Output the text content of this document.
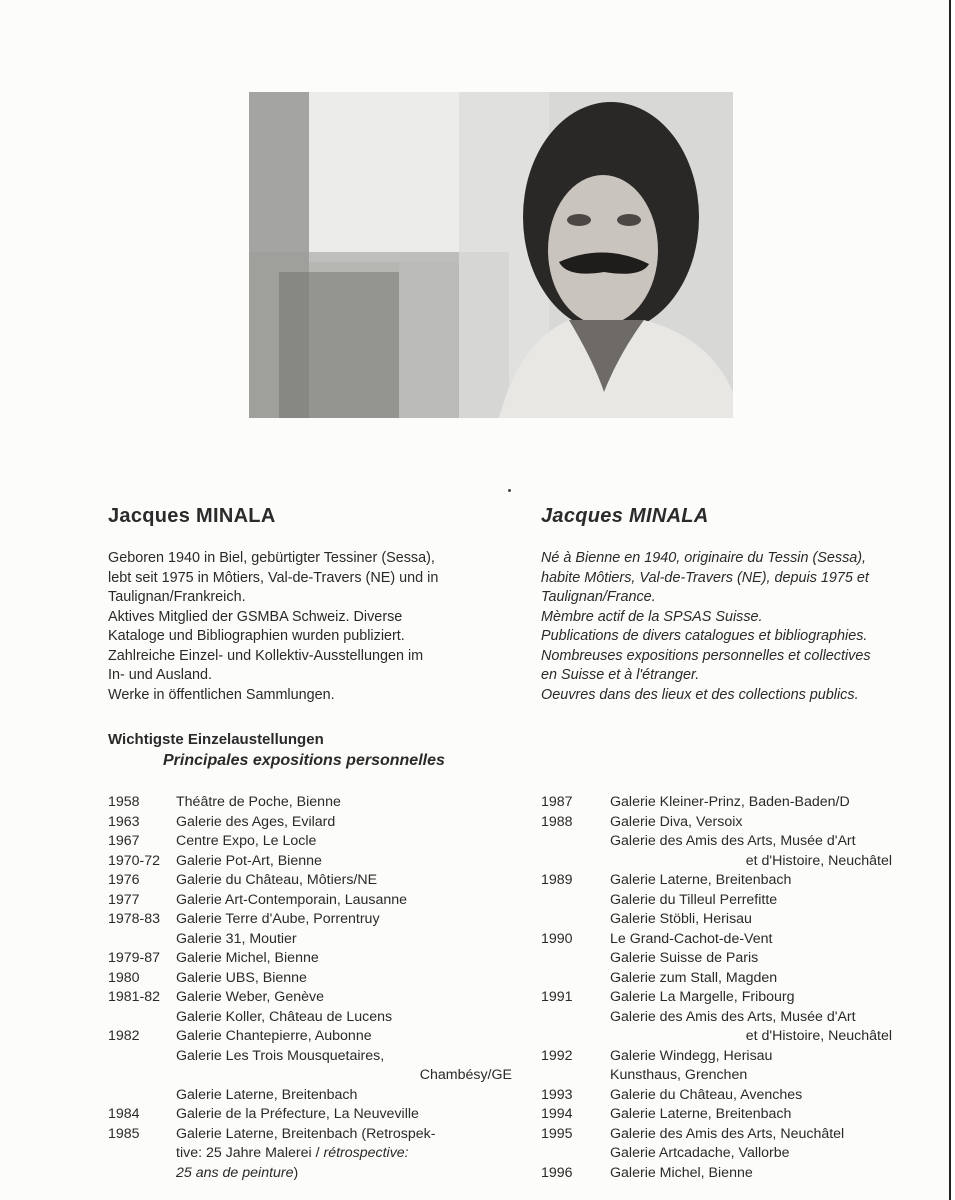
Jacques MINALA	Jacques MINALA
Geboren 1940 in Biel, gebürtigter Tessiner (Sessa),
lebt seit 1975 in Môtiers, Val-de-Travers (NE) und in
Taulignan/Frankreich.
Aktives Mitglied der GSMBA Schweiz. Diverse
Kataloge und Bibliographien wurden publiziert.
Zahlreiche Einzel- und Kollektiv-Ausstellungen im
In- und Ausland.
Werke in öffentlichen Sammlungen.
Né à Bienne en 1940, originaire du Tessin (Sessa),
habite Môtiers, Val-de-Travers (NE), depuis 1975 et
Taulignan/France.
Mèmbre actif de la SPSAS Suisse.
Publications de divers catalogues et bibliographies.
Nombreuses expositions personnelles et collectives
en Suisse et à l'étranger.
Oeuvres dans des lieux et des collections publics.
Wichtigste Einzelaustellungen
Principales expositions personnelles
1958	Théâtre de Poche, Bienne
1963	Galerie des Ages, Evilard
1967	Centre Expo, Le Locle
1970-72 Galerie Pot-Art, Bienne
1976	Galerie du Château, Môtiers/NE
1977	Galerie Art-Contemporain, Lausanne
1978-83 Galerie Terre d'Aube, Porrentruy
Galerie 31, Moutier
1979-87 Galerie Michel, Bienne
1980	Galerie UBS, Bienne
1981-82 Galerie Weber, Genève
Galerie Koller, Château de Lucens
1982	Galerie Chantepierre, Aubonne
Galerie Les Trois Mousquetaires,
Chambésy/GE
Galerie Laterne, Breitenbach
1984	Galerie de la Préfecture, La Neuveville
1985	Galerie Laterne, Breitenbach (Retrospek-
tive: 25 Jahre Malerei / rétrospective:
25 ans de peinture)
1987	Galerie Kleiner-Prinz, Baden-Baden/D
1988	Galerie Diva, Versoix
Galerie des Amis des Arts, Musée d'Art
et d'Histoire, Neuchâtel
1989	Galerie Laterne, Breitenbach
Galerie du Tilleul Perrefitte
Galerie Stöbli, Herisau
1990	Le Grand-Cachot-de-Vent
Galerie Suisse de Paris
Galerie zum Stall, Magden
1991	Galerie La Margelle, Fribourg
Galerie des Amis des Arts, Musée d'Art
et d'Histoire, Neuchâtel
1992	Galerie Windegg, Herisau
Kunsthaus, Grenchen
1993	Galerie du Château, Avenches
1994	Galerie Laterne, Breitenbach
1995	Galerie des Amis des Arts, Neuchâtel
Galerie Artcadache, Vallorbe
1996	Galerie Michel, Bienne
